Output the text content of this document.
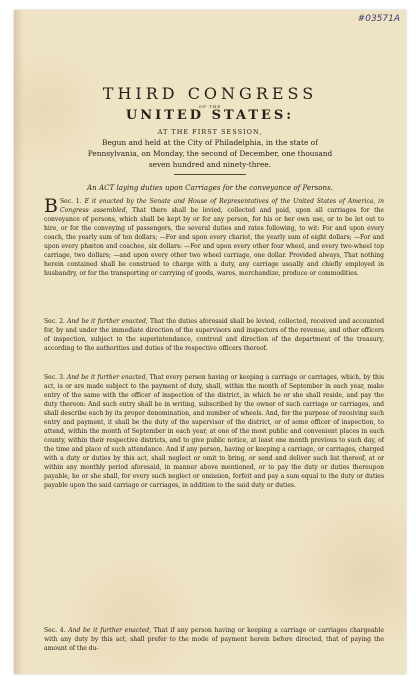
#03571A

THIRD CONGRESS

OF THE

UNITED STATES:

AT THE FIRST SESSION,

Begun and held at the City of Philadelphia, in the state of Pennsylvania, on Monday, the second of December, one thousand seven hundred and ninety-three.

An ACT laying duties upon Carriages for the conveyance of Persons.

Sec. 1.
B	E it enacted by the Senate and House of Representatives of the United States of America, in Congress assembled, That there shall be levied, collected and paid, upon all carriages for the conveyance of persons, which shall be kept by or for any person, for his or her own use, or to be let out to hire, or for the conveying of passengers, the several duties and rates following, to wit: For and upon every coach, the yearly sum of ten dollars; —For and upon every chariot, the yearly sum of eight dollars; —For and upon every phæton and coachee, six dollars: —For and upon every other four wheel, and every two-wheel top carriage, two dollars; —and upon every other two wheel carriage, one dollar. Provided always, That nothing herein contained shall be construed to charge with a duty, any carriage usually and chiefly employed in husbandry, or for the transporting or carrying of goods, wares, merchandize, produce or commodities.

Sec. 2. And be it further enacted, That the duties aforesaid shall be levied, collected, received and accounted for, by and under the immediate direction of the supervisors and inspectors of the revenue, and other officers of inspection, subject to the superintendance, controul and direction of the department of the treasury, according to the authorities and duties of the respective officers thereof.

Sec. 3. And be it further enacted, That every person having or keeping a carriage or carriages, which, by this act, is or are made subject to the payment of duty, shall, within the month of September in each year, make entry of the same with the officer of inspection of the district, in which he or she shall reside, and pay the duty thereon: And such entry shall be in writing, subscribed by the owner of such carriage or carriages, and shall describe each by its proper denomination, and number of wheels. And, for the purpose of receiving such entry and payment, it shall be the duty of the supervisor of the district, or of some officer of inspection, to attend, within the month of September in each year, at one of the most public and convenient places in each county, within their respective districts, and to give public notice, at least one month previous to such day, of the time and place of such attendance. And if any person, having or keeping a carriage, or carriages, charged with a duty or duties by this act, shall neglect or omit to bring, or send and deliver such list thereof, at or within any monthly period aforesaid, in manner above mentioned, or to pay the duty or duties thereupon payable, he or she shall, for every such neglect or omission, forfeit and pay a sum equal to the duty or duties payable upon the said carriage or carriages, in addition to the said duty or duties.

Sec. 4. And be it further enacted, That if any person having or keeping a carriage or carriages chargeable with any duty by this act, shall prefer to the mode of payment herein before directed, that of paying the amount of the du-
